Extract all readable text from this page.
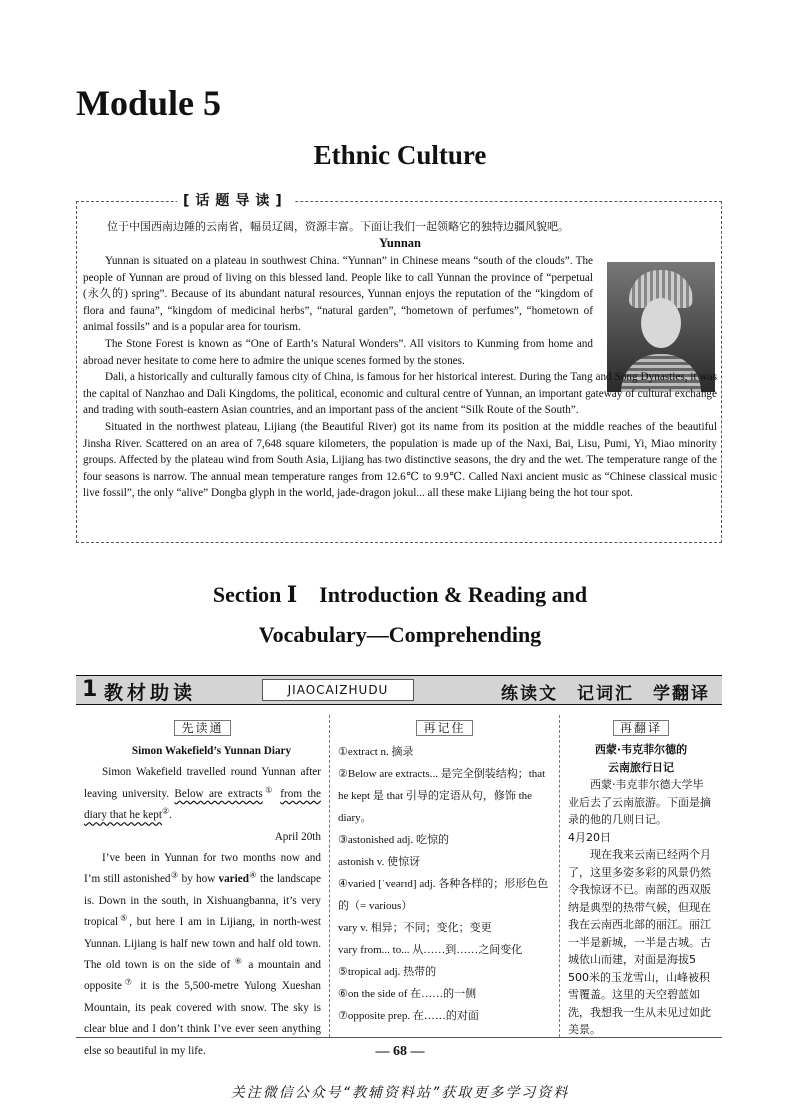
Module 5
Ethnic Culture
[话题导读]
位于中国西南边陲的云南省，幅员辽阔，资源丰富。下面让我们一起领略它的独特边疆风貌吧。
Yunnan

Yunnan is situated on a plateau in southwest China. “Yunnan” in Chinese means “south of the clouds”. The people of Yunnan are proud of living on this blessed land. People like to call Yunnan the province of “perpetual (永久的) spring”. Because of its abundant natural resources, Yunnan enjoys the reputation of the “kingdom of flora and fauna”, “kingdom of medicinal herbs”, “natural garden”, “hometown of perfumes”, “hometown of animal fossils” and is a popular area for tourism.

The Stone Forest is known as “One of Earth’s Natural Wonders”. All visitors to Kunming from home and abroad never hesitate to come here to admire the unique scenes formed by the stones.

Dali, a historically and culturally famous city of China, is famous for her historical interest. During the Tang and Song Dynasties, it was the capital of Nanzhao and Dali Kingdoms, the political, economic and cultural centre of Yunnan, an important gateway of cultural exchange and trading with south-eastern Asian countries, and an important pass of the ancient “Silk Route of the South”.

Situated in the northwest plateau, Lijiang (the Beautiful River) got its name from its position at the middle reaches of the beautiful Jinsha River. Scattered on an area of 7,648 square kilometers, the population is made up of the Naxi, Bai, Lisu, Pumi, Yi, Miao minority groups. Affected by the plateau wind from South Asia, Lijiang has two distinctive seasons, the dry and the wet. The temperature range of the four seasons is narrow. The annual mean temperature ranges from 12.6℃ to 9.9℃. Called Naxi ancient music as “Chinese classical music live fossil”, the only “alive” Dongba glyph in the world, jade-dragon jokul... all these make Lijiang being the hot tour spot.

Section Ⅰ　Introduction & Reading and
Vocabulary—Comprehending
1 教材助读	JIAOCAIZHUDU	练读文　记词汇　学翻译
先读通

Simon Wakefield’s Yunnan Diary

Simon Wakefield travelled round Yunnan after leaving university. Below are extracts① from the diary that he kept②.

April 20th

I’ve been in Yunnan for two months now and I’m still astonished③ by how varied④ the landscape is. Down in the south, in Xishuangbanna, it’s very tropical⑤, but here I am in Lijiang, in north-west Yunnan. Lijiang is half new town and half old town. The old town is on the side of ⑥ a mountain and opposite⑦ it is the 5,500-metre Yulong Xueshan Mountain, its peak covered with snow. The sky is clear blue and I don’t think I’ve ever seen anything else so beautiful in my life.

再记住

①extract n. 摘录

②Below are extracts... 是完全倒装结构；that he kept 是 that 引导的定语从句，修饰 the diary。

③astonished adj. 吃惊的

astonish v. 使惊讶

④varied [ˈveərɪd] adj. 各种各样的；形形色色的（= various）

vary v. 相异；不同；变化；变更

vary from... to... 从……到……之间变化

⑤tropical adj. 热带的

⑥on the side of 在……的一侧

⑦opposite prep. 在……的对面

再翻译

西蒙·韦克菲尔德的

云南旅行日记

西蒙·韦克菲尔德大学毕业后去了云南旅游。下面是摘录的他的几则日记。

4月20日

现在我来云南已经两个月了，这里多姿多彩的风景仍然令我惊讶不已。南部的西双版纳是典型的热带气候，但现在我在云南西北部的丽江。丽江一半是新城，一半是古城。古城依山而建，对面是海拔5 500米的玉龙雪山，山峰被积雪覆盖。这里的天空碧蓝如洗，我想我一生从未见过如此美景。

— 68 —
关注微信公众号“教辅资料站”获取更多学习资料
